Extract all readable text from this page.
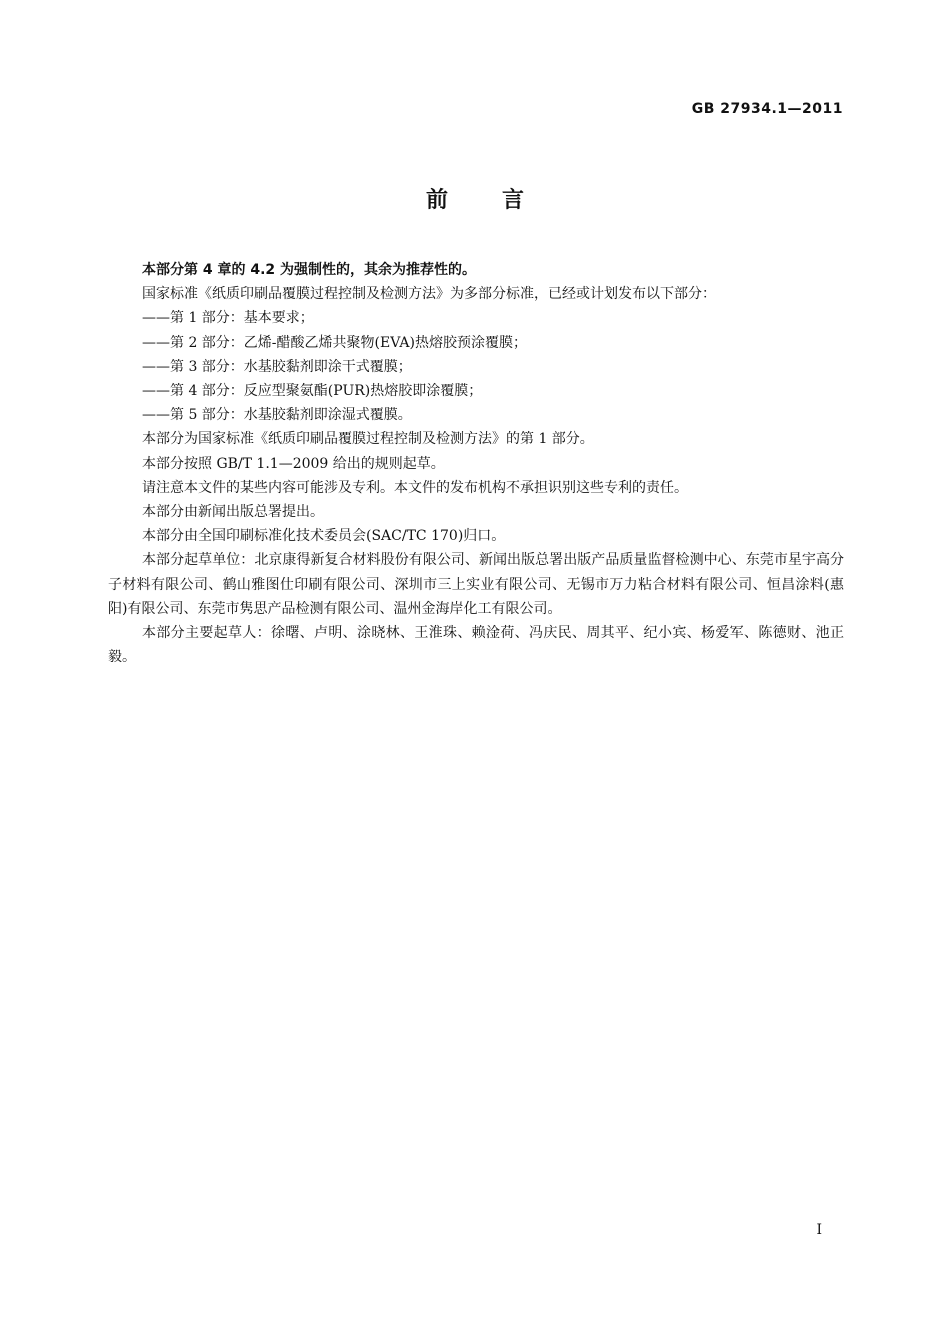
GB 27934.1—2011
前言

本部分第 4 章的 4.2 为强制性的，其余为推荐性的。

国家标准《纸质印刷品覆膜过程控制及检测方法》为多部分标准，已经或计划发布以下部分：

——第 1 部分：基本要求；

——第 2 部分：乙烯-醋酸乙烯共聚物(EVA)热熔胶预涂覆膜；

——第 3 部分：水基胶黏剂即涂干式覆膜；

——第 4 部分：反应型聚氨酯(PUR)热熔胶即涂覆膜；

——第 5 部分：水基胶黏剂即涂湿式覆膜。

本部分为国家标准《纸质印刷品覆膜过程控制及检测方法》的第 1 部分。

本部分按照 GB/T 1.1—2009 给出的规则起草。

请注意本文件的某些内容可能涉及专利。本文件的发布机构不承担识别这些专利的责任。

本部分由新闻出版总署提出。

本部分由全国印刷标准化技术委员会(SAC/TC 170)归口。

本部分起草单位：北京康得新复合材料股份有限公司、新闻出版总署出版产品质量监督检测中心、东莞市星宇高分子材料有限公司、鹤山雅图仕印刷有限公司、深圳市三上实业有限公司、无锡市万力粘合材料有限公司、恒昌涂料(惠阳)有限公司、东莞市隽思产品检测有限公司、温州金海岸化工有限公司。

本部分主要起草人：徐曙、卢明、涂晓林、王淮珠、赖淦荷、冯庆民、周其平、纪小宾、杨爱军、陈德财、池正毅。

I
